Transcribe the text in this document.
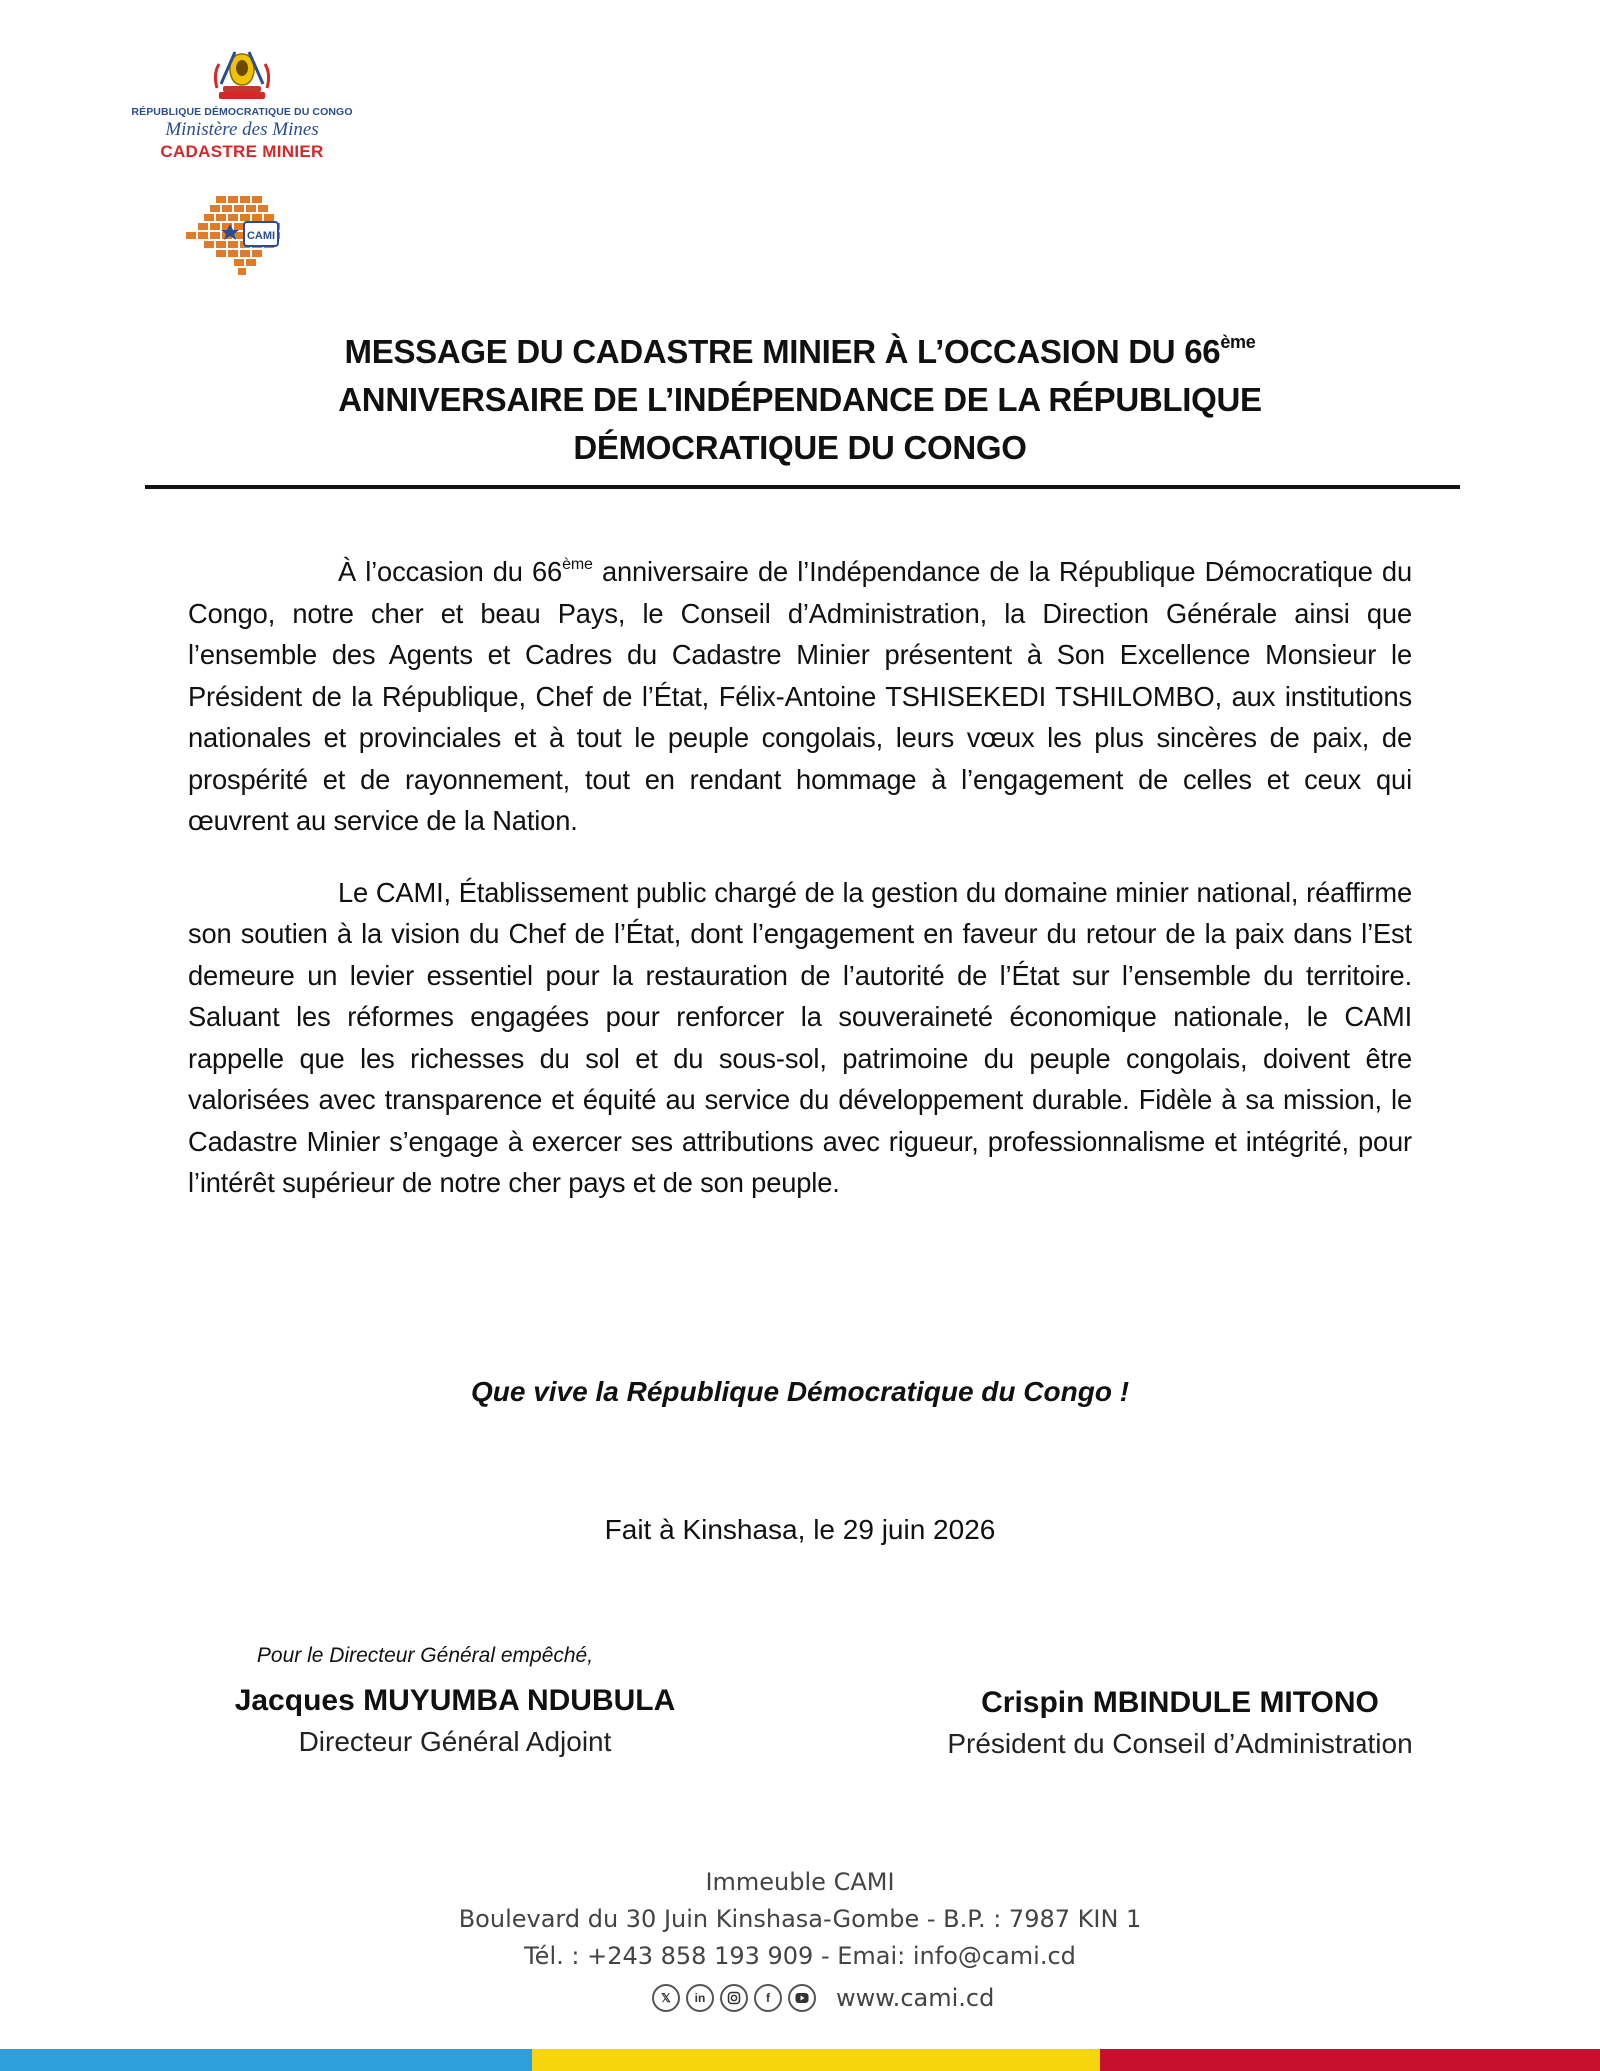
RÉPUBLIQUE DÉMOCRATIQUE DU CONGO
Ministère des Mines
CADASTRE MINIER
CAMI
MESSAGE DU CADASTRE MINIER À L’OCCASION DU 66ème
ANNIVERSAIRE DE L’INDÉPENDANCE DE LA RÉPUBLIQUE
DÉMOCRATIQUE DU CONGO

À l’occasion du 66ème anniversaire de l’Indépendance de la République Démocratique du Congo, notre cher et beau Pays, le Conseil d’Administration, la Direction Générale ainsi que l’ensemble des Agents et Cadres du Cadastre Minier présentent à Son Excellence Monsieur le Président de la République, Chef de l’État, Félix-Antoine TSHISEKEDI TSHILOMBO, aux institutions nationales et provinciales et à tout le peuple congolais, leurs vœux les plus sincères de paix, de prospérité et de rayonnement, tout en rendant hommage à l’engagement de celles et ceux qui œuvrent au service de la Nation.

Le CAMI, Établissement public chargé de la gestion du domaine minier national, réaffirme son soutien à la vision du Chef de l’État, dont l’engagement en faveur du retour de la paix dans l’Est demeure un levier essentiel pour la restauration de l’autorité de l’État sur l’ensemble du territoire. Saluant les réformes engagées pour renforcer la souveraineté économique nationale, le CAMI rappelle que les richesses du sol et du sous-sol, patrimoine du peuple congolais, doivent être valorisées avec transparence et équité au service du développement durable. Fidèle à sa mission, le Cadastre Minier s’engage à exercer ses attributions avec rigueur, professionnalisme et intégrité, pour l’intérêt supérieur de notre cher pays et de son peuple.

Que vive la République Démocratique du Congo !
Fait à Kinshasa, le 29 juin 2026
Pour le Directeur Général empêché,
Jacques MUYUMBA NDUBULA
Directeur Général Adjoint
Crispin MBINDULE MITONO
Président du Conseil d’Administration
Immeuble CAMI
Boulevard du 30 Juin Kinshasa-Gombe - B.P. : 7987 KIN 1
Tél. : +243 858 193 909 - Emai: info@cami.cd
𝕏	in	f	www.cami.cd
